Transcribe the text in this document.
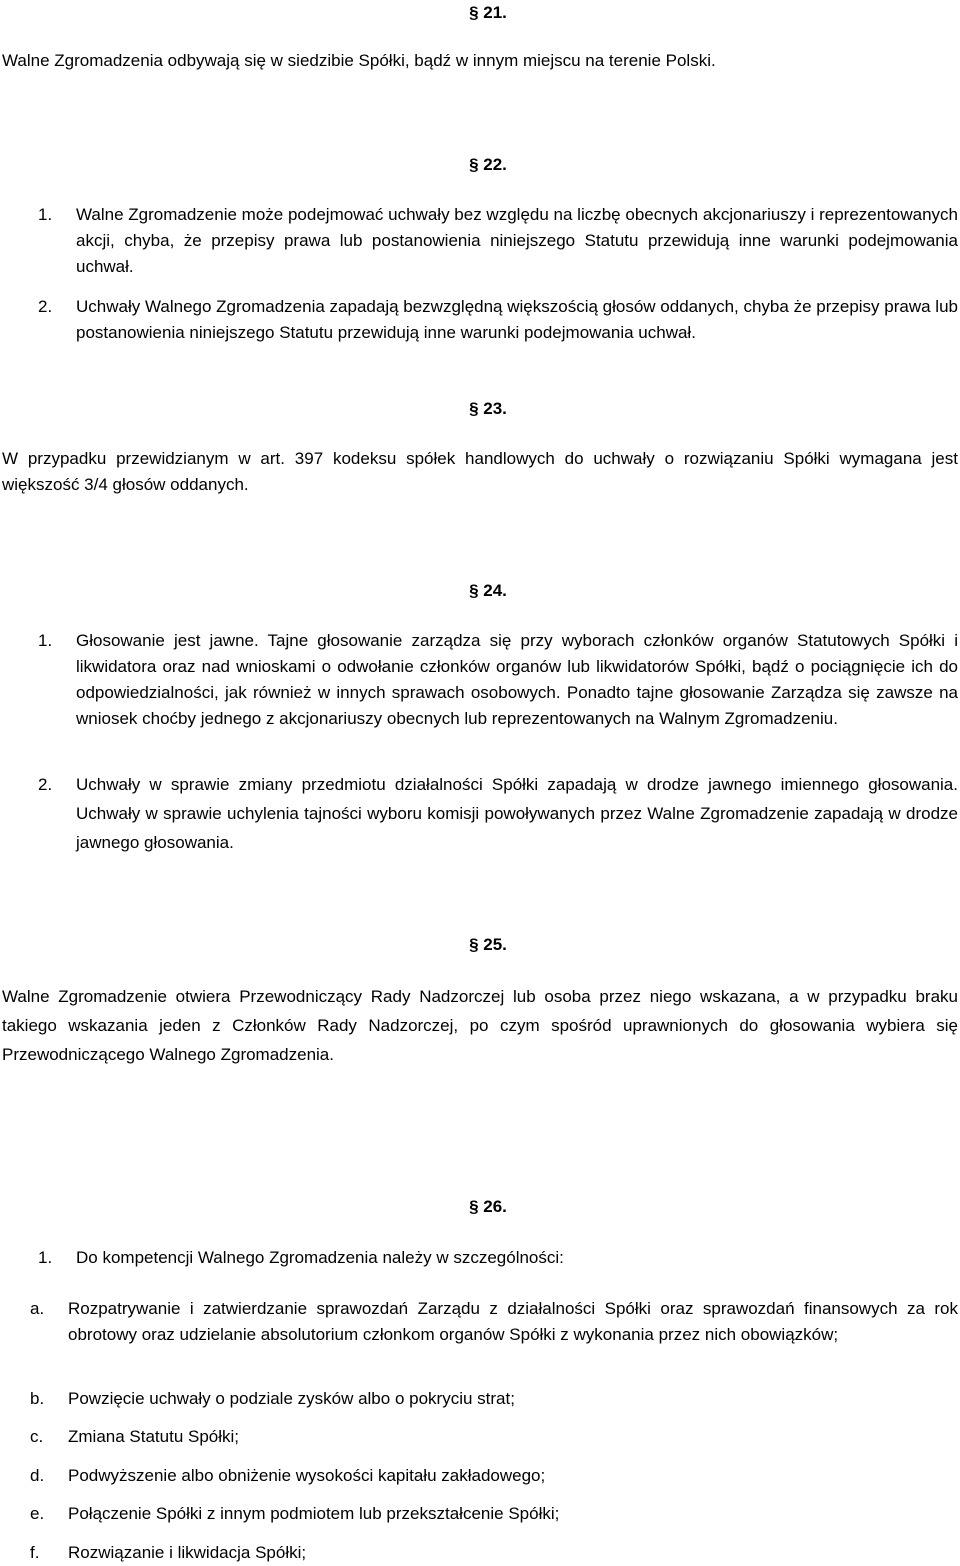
§ 21.
Walne Zgromadzenia odbywają się w siedzibie Spółki, bądź w innym miejscu na terenie Polski.
§ 22.
1.	Walne Zgromadzenie może podejmować uchwały bez względu na liczbę obecnych akcjonariuszy i reprezentowanych akcji, chyba, że przepisy prawa lub postanowienia niniejszego Statutu przewidują inne warunki podejmowania uchwał.
2.	Uchwały Walnego Zgromadzenia zapadają bezwzględną większością głosów oddanych, chyba że przepisy prawa lub postanowienia niniejszego Statutu przewidują inne warunki podejmowania uchwał.
§ 23.
W przypadku przewidzianym w art. 397 kodeksu spółek handlowych do uchwały o rozwiązaniu Spółki wymagana jest większość 3/4 głosów oddanych.
§ 24.
1.	Głosowanie jest jawne. Tajne głosowanie zarządza się przy wyborach członków organów Statutowych Spółki i likwidatora oraz nad wnioskami o odwołanie członków organów lub likwidatorów Spółki, bądź o pociągnięcie ich do odpowiedzialności, jak również w innych sprawach osobowych. Ponadto tajne głosowanie Zarządza się zawsze na wniosek choćby jednego z akcjonariuszy obecnych lub reprezentowanych na Walnym Zgromadzeniu.
2.	Uchwały w sprawie zmiany przedmiotu działalności Spółki zapadają w drodze jawnego imiennego głosowania. Uchwały w sprawie uchylenia tajności wyboru komisji powoływanych przez Walne Zgromadzenie zapadają w drodze jawnego głosowania.
§ 25.
Walne Zgromadzenie otwiera Przewodniczący Rady Nadzorczej lub osoba przez niego wskazana, a w przypadku braku takiego wskazania jeden z Członków Rady Nadzorczej, po czym spośród uprawnionych do głosowania wybiera się Przewodniczącego Walnego Zgromadzenia.
§ 26.
1.	Do kompetencji Walnego Zgromadzenia należy w szczególności:
a.	Rozpatrywanie i zatwierdzanie sprawozdań Zarządu z działalności Spółki oraz sprawozdań finansowych za rok obrotowy oraz udzielanie absolutorium członkom organów Spółki z wykonania przez nich obowiązków;
b.	Powzięcie uchwały o podziale zysków albo o pokryciu strat;
c.	Zmiana Statutu Spółki;
d.	Podwyższenie albo obniżenie wysokości kapitału zakładowego;
e.	Połączenie Spółki z innym podmiotem lub przekształcenie Spółki;
f.	Rozwiązanie i likwidacja Spółki;
